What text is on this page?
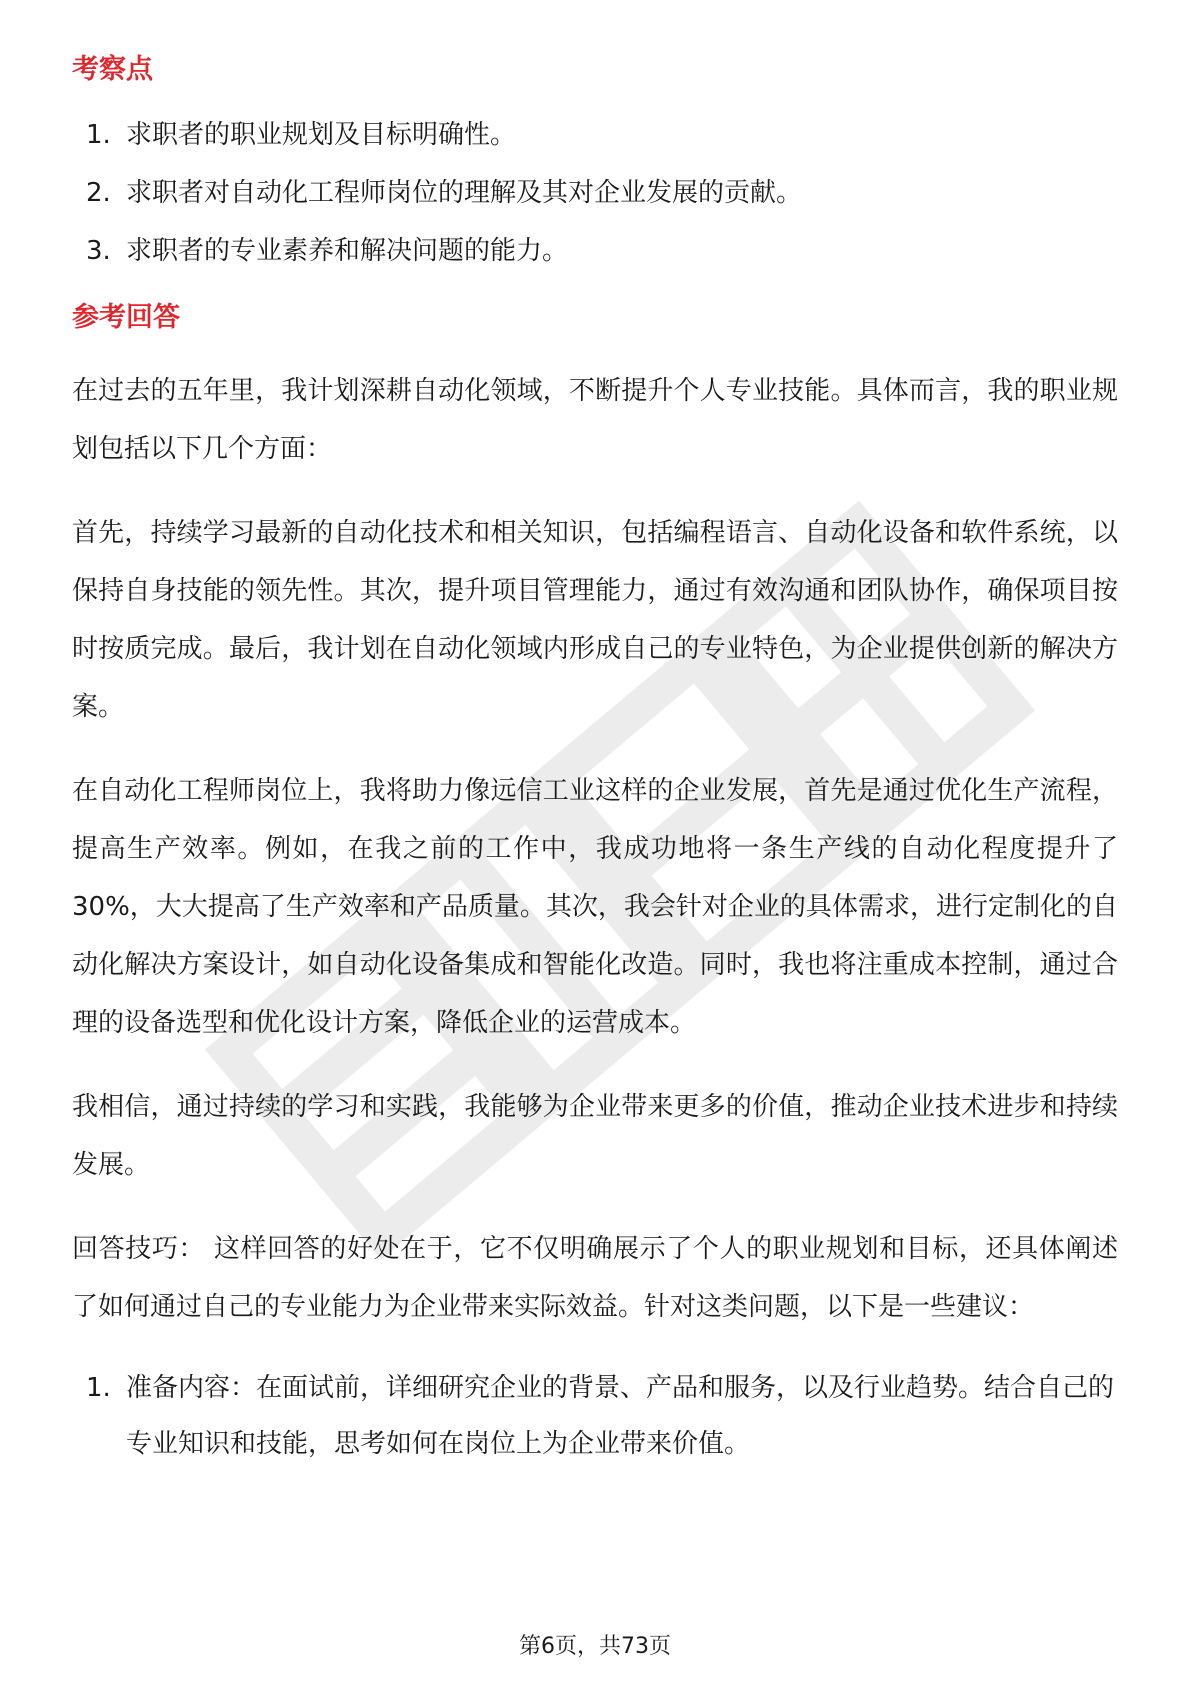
考察点
1. 求职者的职业规划及目标明确性。
2. 求职者对自动化工程师岗位的理解及其对企业发展的贡献。
3. 求职者的专业素养和解决问题的能力。
参考回答

在过去的五年里，我计划深耕自动化领域，不断提升个人专业技能。具体而言，我的职业规划包括以下几个方面：

首先，持续学习最新的自动化技术和相关知识，包括编程语言、自动化设备和软件系统，以保持自身技能的领先性。其次，提升项目管理能力，通过有效沟通和团队协作，确保项目按时按质完成。最后，我计划在自动化领域内形成自己的专业特色，为企业提供创新的解决方案。

在自动化工程师岗位上，我将助力像远信工业这样的企业发展，首先是通过优化生产流程，提高生产效率。例如，在我之前的工作中，我成功地将一条生产线的自动化程度提升了30%，大大提高了生产效率和产品质量。其次，我会针对企业的具体需求，进行定制化的自动化解决方案设计，如自动化设备集成和智能化改造。同时，我也将注重成本控制，通过合理的设备选型和优化设计方案，降低企业的运营成本。

我相信，通过持续的学习和实践，我能够为企业带来更多的价值，推动企业技术进步和持续发展。

回答技巧： 这样回答的好处在于，它不仅明确展示了个人的职业规划和目标，还具体阐述了如何通过自己的专业能力为企业带来实际效益。针对这类问题，以下是一些建议：

1. 准备内容：在面试前，详细研究企业的背景、产品和服务，以及行业趋势。结合自己的专业知识和技能，思考如何在岗位上为企业带来价值。
第6页，共73页
